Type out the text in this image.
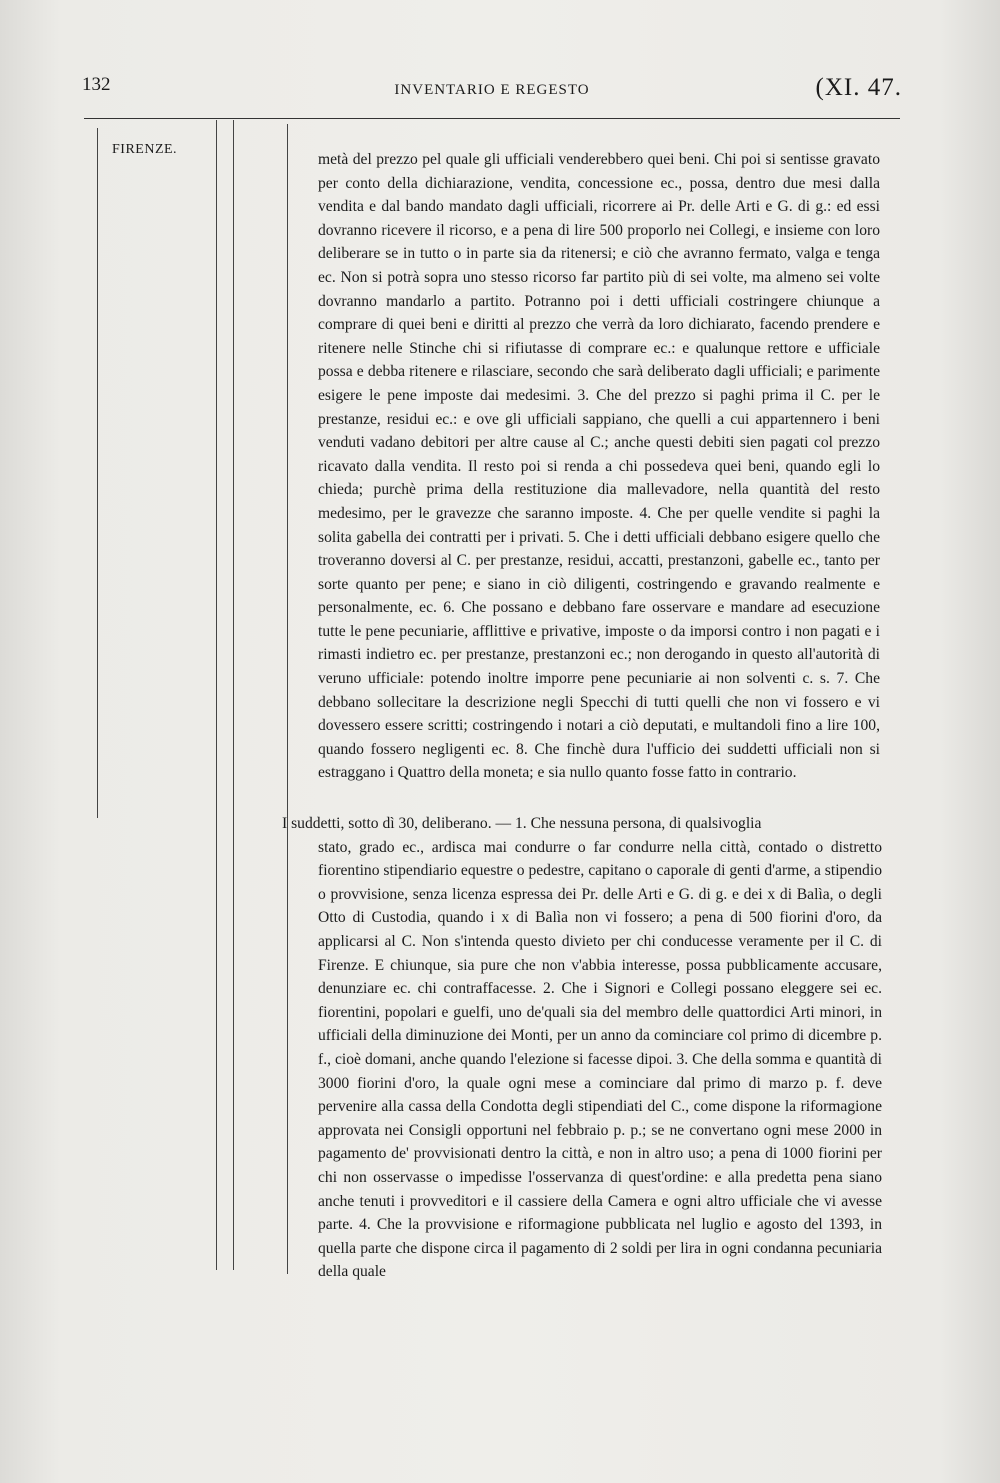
132	INVENTARIO E REGESTO	(XI. 47.
FIRENZE.

metà del prezzo pel quale gli ufficiali venderebbero quei beni. Chi poi si sentisse gravato per conto della dichiarazione, vendita, concessione ec., possa, dentro due mesi dalla vendita e dal bando mandato dagli ufficiali, ricorrere ai Pr. delle Arti e G. di g.: ed essi dovranno ricevere il ricorso, e a pena di lire 500 proporlo nei Collegi, e insieme con loro deliberare se in tutto o in parte sia da ritenersi; e ciò che avranno fermato, valga e tenga ec. Non si potrà sopra uno stesso ricorso far partito più di sei volte, ma almeno sei volte dovranno mandarlo a partito. Potranno poi i detti ufficiali costringere chiunque a comprare di quei beni e diritti al prezzo che verrà da loro dichiarato, facendo prendere e ritenere nelle Stinche chi si rifiutasse di comprare ec.: e qualunque rettore e ufficiale possa e debba ritenere e rilasciare, secondo che sarà deliberato dagli ufficiali; e parimente esigere le pene imposte dai medesimi. 3. Che del prezzo si paghi prima il C. per le prestanze, residui ec.: e ove gli ufficiali sappiano, che quelli a cui appartennero i beni venduti vadano debitori per altre cause al C.; anche questi debiti sien pagati col prezzo ricavato dalla vendita. Il resto poi si renda a chi possedeva quei beni, quando egli lo chieda; purchè prima della restituzione dia mallevadore, nella quantità del resto medesimo, per le gravezze che saranno imposte. 4. Che per quelle vendite si paghi la solita gabella dei contratti per i privati. 5. Che i detti ufficiali debbano esigere quello che troveranno doversi al C. per prestanze, residui, accatti, prestanzoni, gabelle ec., tanto per sorte quanto per pene; e siano in ciò diligenti, costringendo e gravando realmente e personalmente, ec. 6. Che possano e debbano fare osservare e mandare ad esecuzione tutte le pene pecuniarie, afflittive e privative, imposte o da imporsi contro i non pagati e i rimasti indietro ec. per prestanze, prestanzoni ec.; non derogando in questo all'autorità di veruno ufficiale: potendo inoltre imporre pene pecuniarie ai non solventi c. s. 7. Che debbano sollecitare la descrizione negli Specchi di tutti quelli che non vi fossero e vi dovessero essere scritti; costringendo i notari a ciò deputati, e multandoli fino a lire 100, quando fossero negligenti ec. 8. Che finchè dura l'ufficio dei suddetti ufficiali non si estraggano i Quattro della moneta; e sia nullo quanto fosse fatto in contrario.

I suddetti, sotto dì 30, deliberano. — 1. Che nessuna persona, di qualsivoglia

stato, grado ec., ardisca mai condurre o far condurre nella città, contado o distretto fiorentino stipendiario equestre o pedestre, capitano o caporale di genti d'arme, a stipendio o provvisione, senza licenza espressa dei Pr. delle Arti e G. di g. e dei x di Balìa, o degli Otto di Custodia, quando i x di Balìa non vi fossero; a pena di 500 fiorini d'oro, da applicarsi al C. Non s'intenda questo divieto per chi conducesse veramente per il C. di Firenze. E chiunque, sia pure che non v'abbia interesse, possa pubblicamente accusare, denunziare ec. chi contraffacesse. 2. Che i Signori e Collegi possano eleggere sei ec. fiorentini, popolari e guelfi, uno de'quali sia del membro delle quattordici Arti minori, in ufficiali della diminuzione dei Monti, per un anno da cominciare col primo di dicembre p. f., cioè domani, anche quando l'elezione si facesse dipoi. 3. Che della somma e quantità di 3000 fiorini d'oro, la quale ogni mese a cominciare dal primo di marzo p. f. deve pervenire alla cassa della Condotta degli stipendiati del C., come dispone la riformagione approvata nei Consigli opportuni nel febbraio p. p.; se ne convertano ogni mese 2000 in pagamento de' provvisionati dentro la città, e non in altro uso; a pena di 1000 fiorini per chi non osservasse o impedisse l'osservanza di quest'ordine: e alla predetta pena siano anche tenuti i provveditori e il cassiere della Camera e ogni altro ufficiale che vi avesse parte. 4. Che la provvisione e riformagione pubblicata nel luglio e agosto del 1393, in quella parte che dispone circa il pagamento di 2 soldi per lira in ogni condanna pecuniaria della quale
